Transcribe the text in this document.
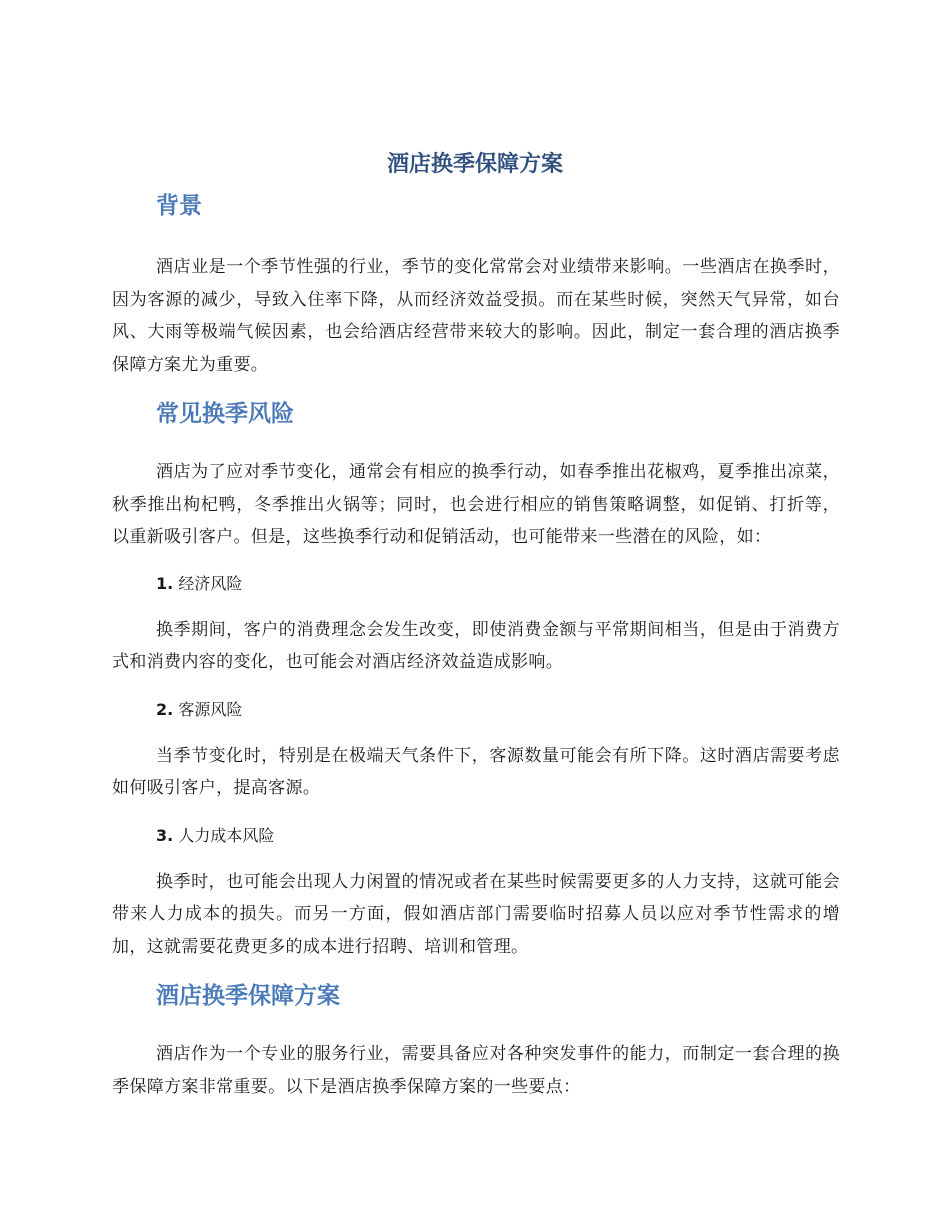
酒店换季保障方案
背景

酒店业是一个季节性强的行业，季节的变化常常会对业绩带来影响。一些酒店在换季时，因为客源的减少，导致入住率下降，从而经济效益受损。而在某些时候，突然天气异常，如台风、大雨等极端气候因素，也会给酒店经营带来较大的影响。因此，制定一套合理的酒店换季保障方案尤为重要。

常见换季风险

酒店为了应对季节变化，通常会有相应的换季行动，如春季推出花椒鸡，夏季推出凉菜，秋季推出枸杞鸭，冬季推出火锅等；同时，也会进行相应的销售策略调整，如促销、打折等，以重新吸引客户。但是，这些换季行动和促销活动，也可能带来一些潜在的风险，如：

1. 经济风险

换季期间，客户的消费理念会发生改变，即使消费金额与平常期间相当，但是由于消费方式和消费内容的变化，也可能会对酒店经济效益造成影响。

2. 客源风险

当季节变化时，特别是在极端天气条件下，客源数量可能会有所下降。这时酒店需要考虑如何吸引客户，提高客源。

3. 人力成本风险

换季时，也可能会出现人力闲置的情况或者在某些时候需要更多的人力支持，这就可能会带来人力成本的损失。而另一方面，假如酒店部门需要临时招募人员以应对季节性需求的增加，这就需要花费更多的成本进行招聘、培训和管理。

酒店换季保障方案

酒店作为一个专业的服务行业，需要具备应对各种突发事件的能力，而制定一套合理的换季保障方案非常重要。以下是酒店换季保障方案的一些要点：
